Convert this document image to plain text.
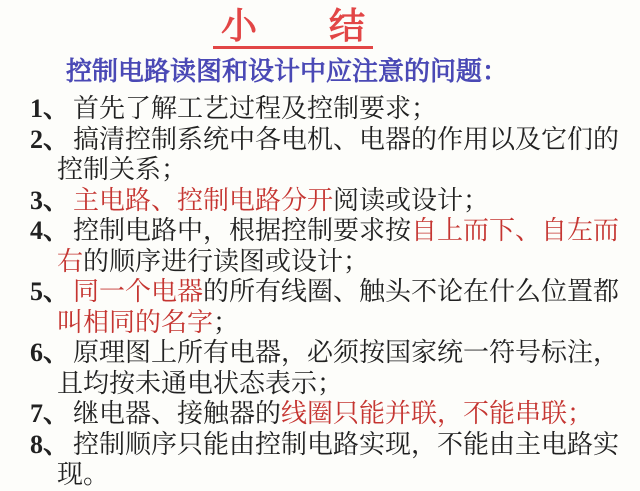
小　　结
控制电路读图和设计中应注意的问题：
1、 首先了解工艺过程及控制要求；
2、 搞清控制系统中各电机、电器的作用以及它们的
控制关系；
3、 主电路、控制电路分开阅读或设计；
4、 控制电路中，根据控制要求按自上而下、自左而
右的顺序进行读图或设计；
5、 同一个电器的所有线圈、触头不论在什么位置都
叫相同的名字；
6、 原理图上所有电器，必须按国家统一符号标注，
且均按未通电状态表示；
7、 继电器、接触器的线圈只能并联，不能串联；
8、 控制顺序只能由控制电路实现，不能由主电路实现。
